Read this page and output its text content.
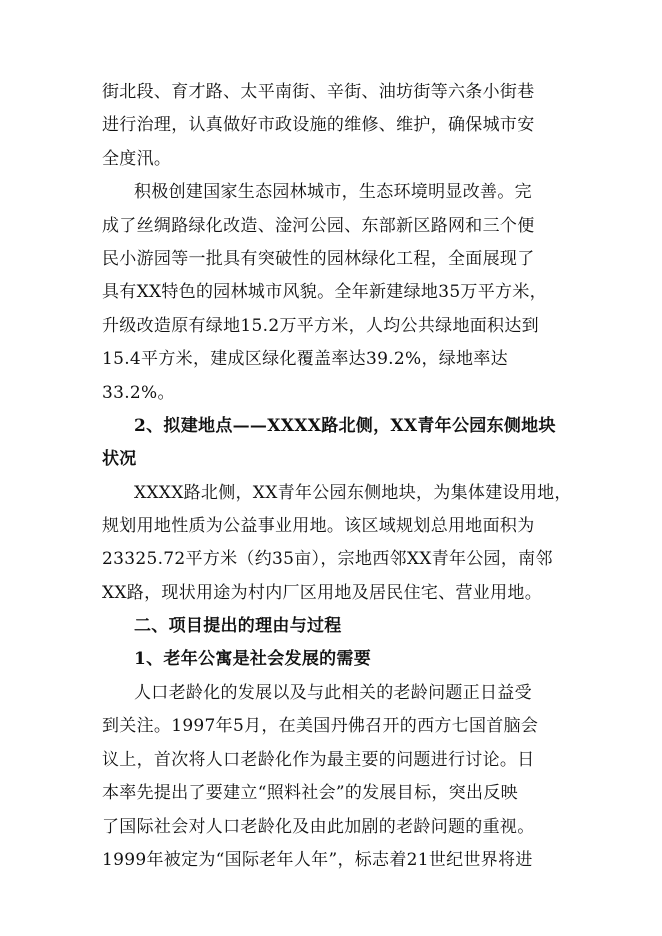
街北段、育才路、太平南街、辛街、油坊街等六条小街巷
进行治理，认真做好市政设施的维修、维护，确保城市安
全度汛。
积极创建国家生态园林城市，生态环境明显改善。完
成了丝绸路绿化改造、淦河公园、东部新区路网和三个便
民小游园等一批具有突破性的园林绿化工程，全面展现了
具有XX特色的园林城市风貌。全年新建绿地35万平方米，
升级改造原有绿地15.2万平方米，人均公共绿地面积达到
15.4平方米，建成区绿化覆盖率达39.2%，绿地率达
33.2%。
2、拟建地点——XXXX路北侧，XX青年公园东侧地块
状况
XXXX路北侧，XX青年公园东侧地块，为集体建设用地，
规划用地性质为公益事业用地。该区域规划总用地面积为
23325.72平方米（约35亩），宗地西邻XX青年公园，南邻
XX路，现状用途为村内厂区用地及居民住宅、营业用地。
二、项目提出的理由与过程
1、老年公寓是社会发展的需要
人口老龄化的发展以及与此相关的老龄问题正日益受
到关注。1997年5月，在美国丹佛召开的西方七国首脑会
议上，首次将人口老龄化作为最主要的问题进行讨论。日
本率先提出了要建立“照料社会”的发展目标，突出反映
了国际社会对人口老龄化及由此加剧的老龄问题的重视。
1999年被定为“国际老年人年”，标志着21世纪世界将进
